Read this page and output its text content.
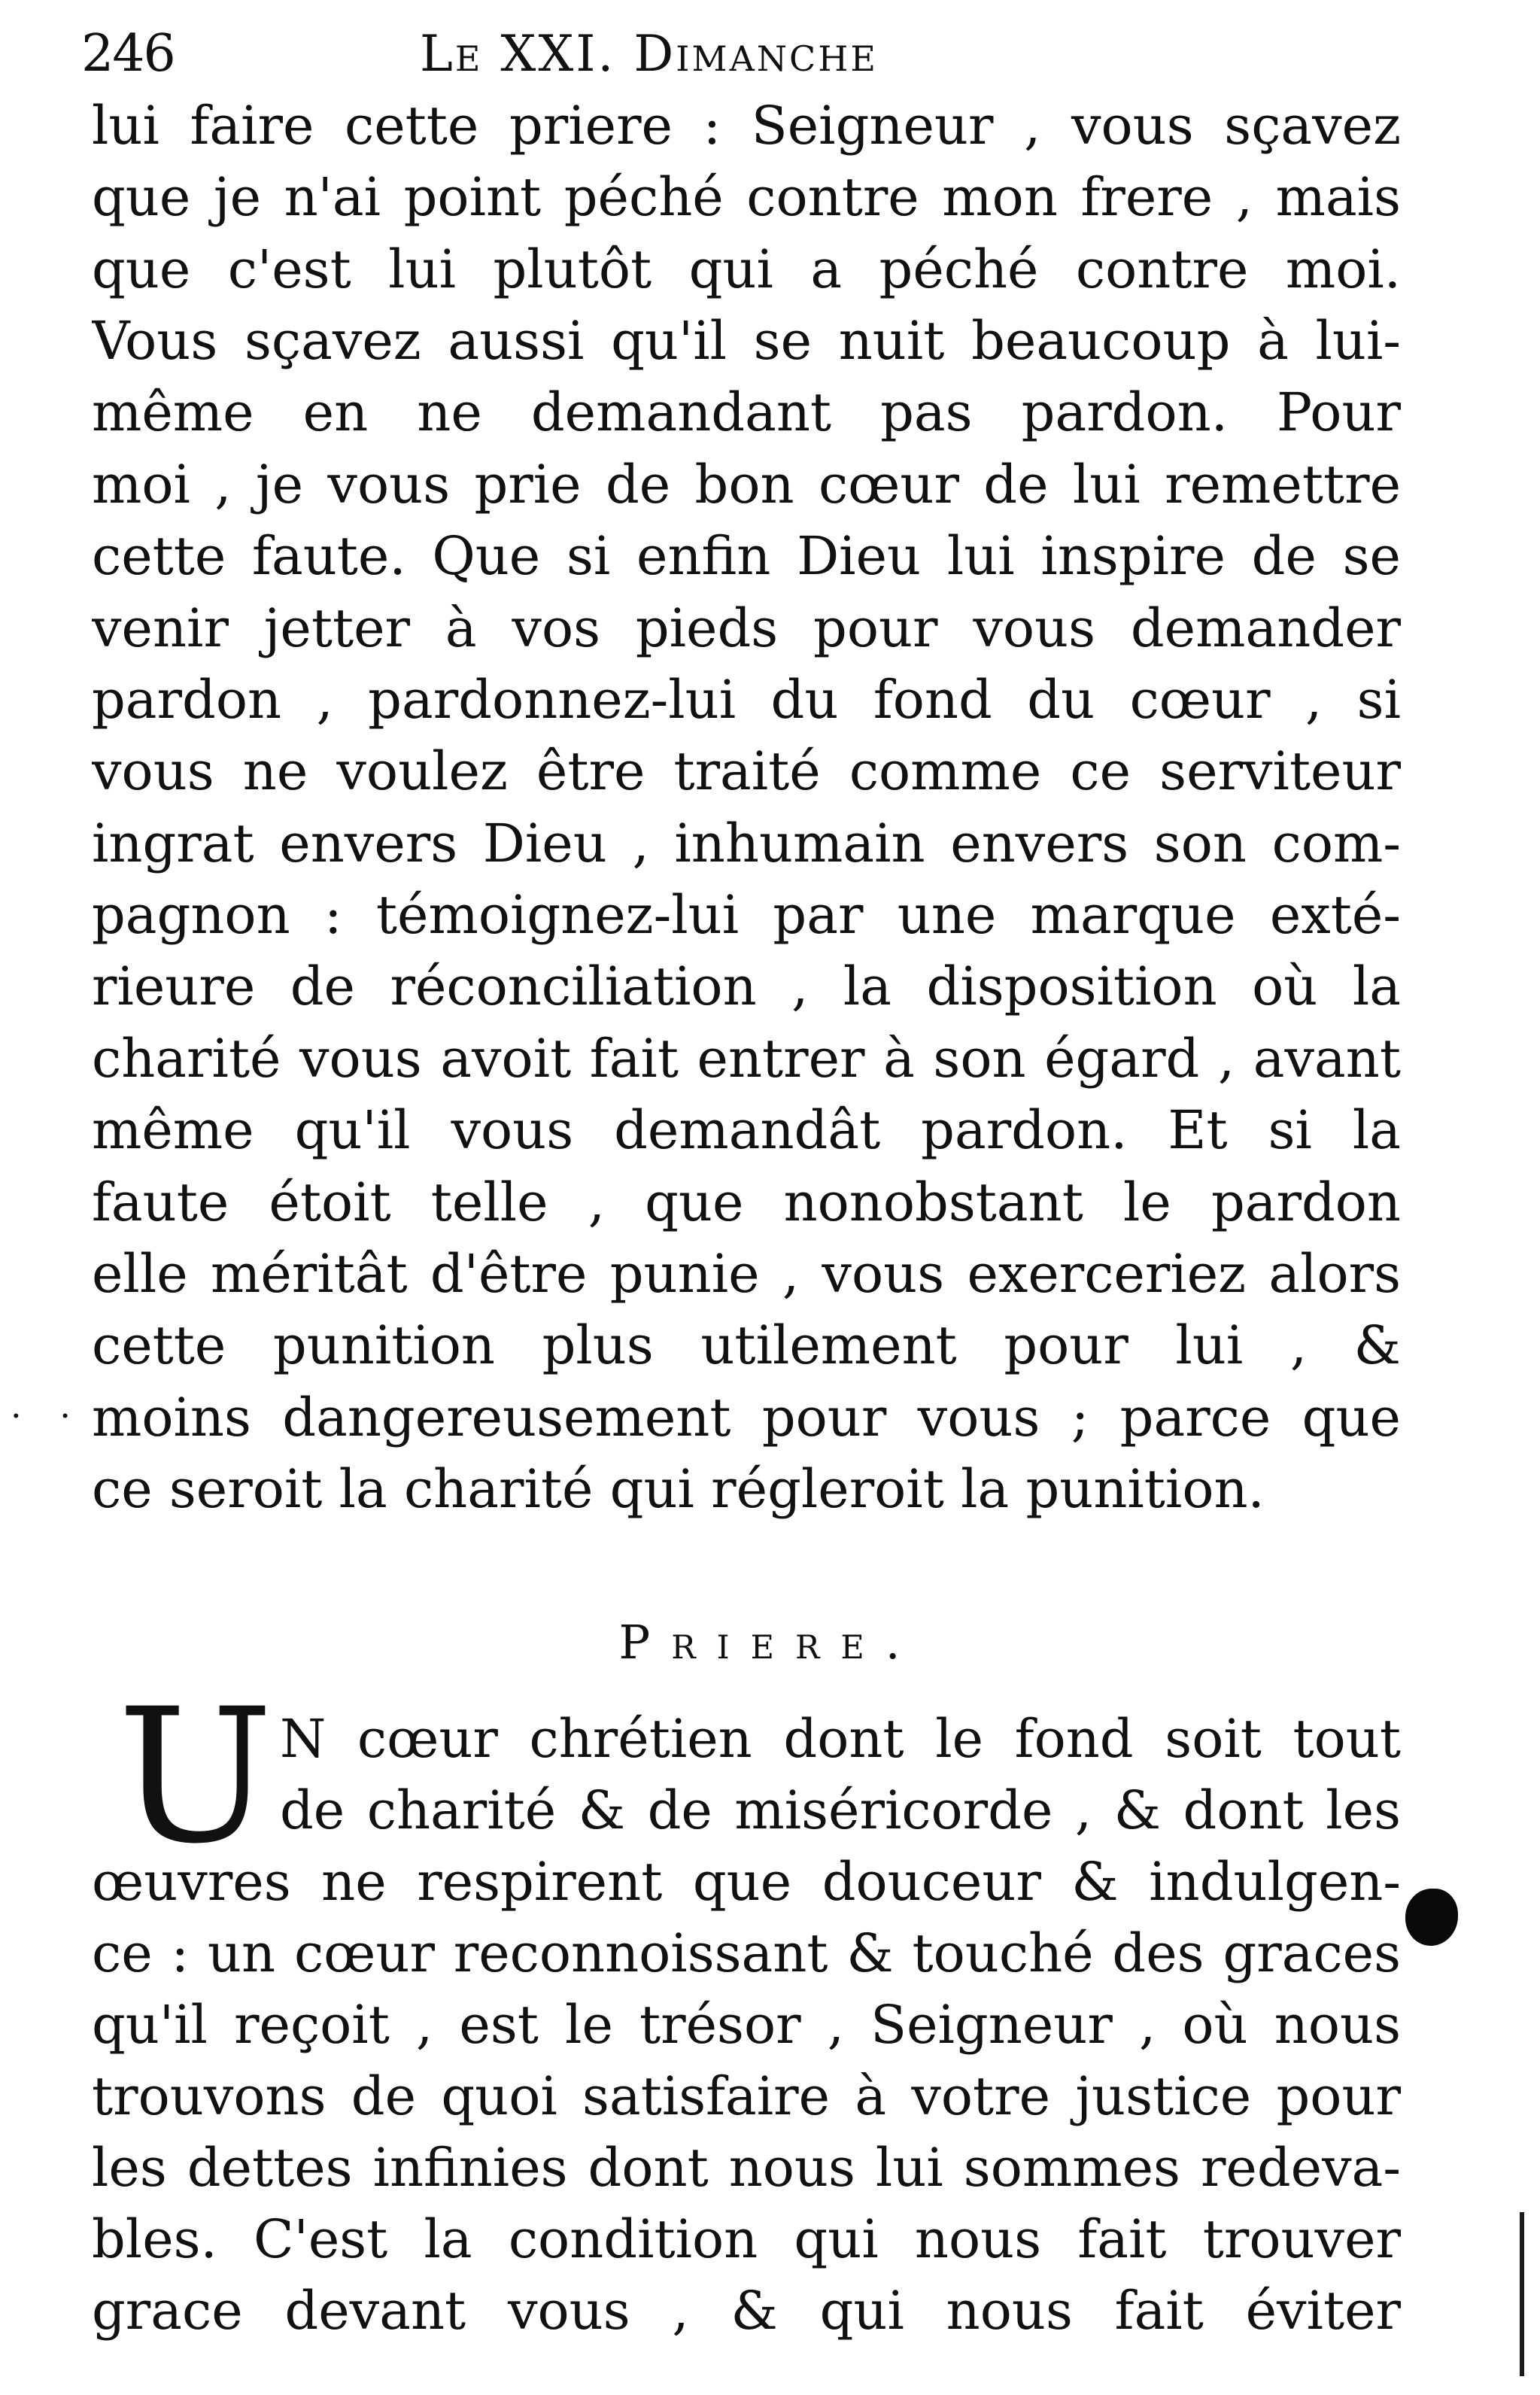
246	Le XXI. Dimanche
lui faire cette priere : Seigneur , vous sçavez
que je n'ai point péché contre mon frere , mais
que c'est lui plutôt qui a péché contre moi.
Vous sçavez aussi qu'il se nuit beaucoup à lui-
même en ne demandant pas pardon. Pour
moi , je vous prie de bon cœur de lui remettre
cette faute. Que si enfin Dieu lui inspire de se
venir jetter à vos pieds pour vous demander
pardon , pardonnez-lui du fond du cœur , si
vous ne voulez être traité comme ce serviteur
ingrat envers Dieu , inhumain envers son com-
pagnon : témoignez-lui par une marque exté-
rieure de réconciliation , la disposition où la
charité vous avoit fait entrer à son égard , avant
même qu'il vous demandât pardon. Et si la
faute étoit telle , que nonobstant le pardon
elle méritât d'être punie , vous exerceriez alors
cette punition plus utilement pour lui , &
moins dangereusement pour vous ; parce que
ce seroit la charité qui régleroit la punition.
. .
Priere.
U N cœur chrétien dont le fond soit tout
de charité & de miséricorde , & dont les
œuvres ne respirent que douceur & indulgen-
ce : un cœur reconnoissant & touché des graces
qu'il reçoit , est le trésor , Seigneur , où nous
trouvons de quoi satisfaire à votre justice pour
les dettes infinies dont nous lui sommes redeva-
bles. C'est la condition qui nous fait trouver
grace devant vous , & qui nous fait éviter
